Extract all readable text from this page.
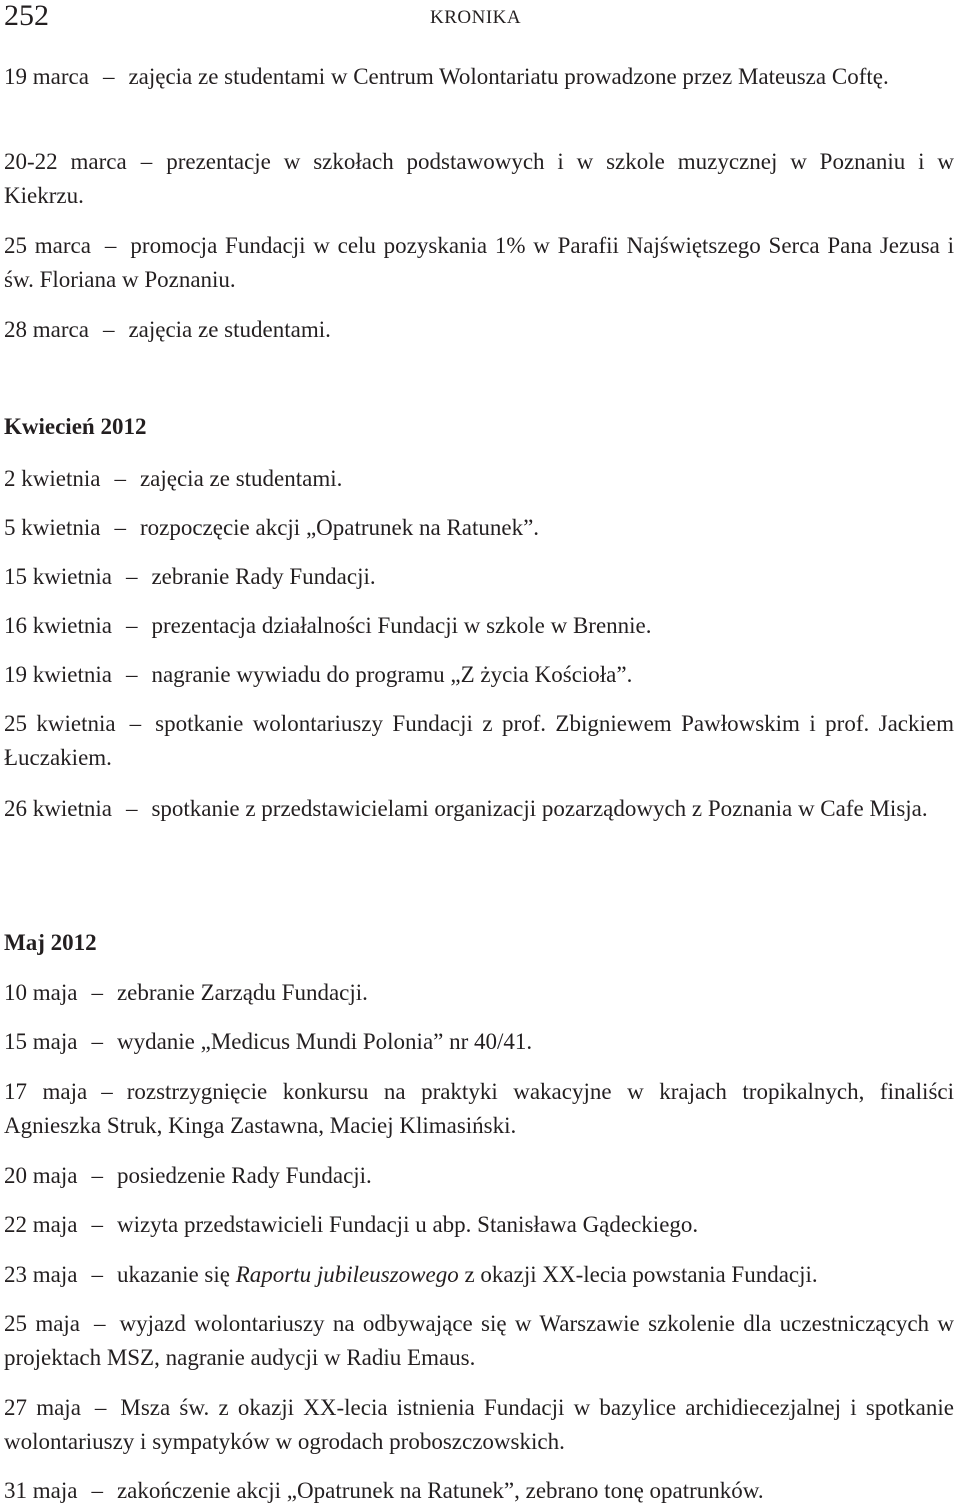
252	KRONIKA
19 marca – zajęcia ze studentami w Centrum Wolontariatu prowadzone przez Mateusza Coftę.
20-22 marca – prezentacje w szkołach podstawowych i w szkole muzycznej w Poznaniu i w Kiekrzu.
25 marca – promocja Fundacji w celu pozyskania 1% w Parafii Najświętszego Serca Pana Jezusa i św. Floriana w Poznaniu.
28 marca – zajęcia ze studentami.
Kwiecień 2012
2 kwietnia – zajęcia ze studentami.
5 kwietnia – rozpoczęcie akcji „Opatrunek na Ratunek”.
15 kwietnia – zebranie Rady Fundacji.
16 kwietnia – prezentacja działalności Fundacji w szkole w Brennie.
19 kwietnia – nagranie wywiadu do programu „Z życia Kościoła”.
25 kwietnia – spotkanie wolontariuszy Fundacji z prof. Zbigniewem Pawłowskim i prof. Jackiem Łuczakiem.
26 kwietnia – spotkanie z przedstawicielami organizacji pozarządowych z Poznania w Cafe Misja.
Maj 2012
10 maja – zebranie Zarządu Fundacji.
15 maja – wydanie „Medicus Mundi Polonia” nr 40/41.
17 maja – rozstrzygnięcie konkursu na praktyki wakacyjne w krajach tropikalnych, finaliści Agnieszka Struk, Kinga Zastawna, Maciej Klimasiński.
20 maja – posiedzenie Rady Fundacji.
22 maja – wizyta przedstawicieli Fundacji u abp. Stanisława Gądeckiego.
23 maja – ukazanie się Raportu jubileuszowego z okazji XX-lecia powstania Fundacji.
25 maja – wyjazd wolontariuszy na odbywające się w Warszawie szkolenie dla uczestniczących w projektach MSZ, nagranie audycji w Radiu Emaus.
27 maja – Msza św. z okazji XX-lecia istnienia Fundacji w bazylice archidiecezjalnej i spotkanie wolontariuszy i sympatyków w ogrodach proboszczowskich.
31 maja – zakończenie akcji „Opatrunek na Ratunek”, zebrano tonę opatrunków.
